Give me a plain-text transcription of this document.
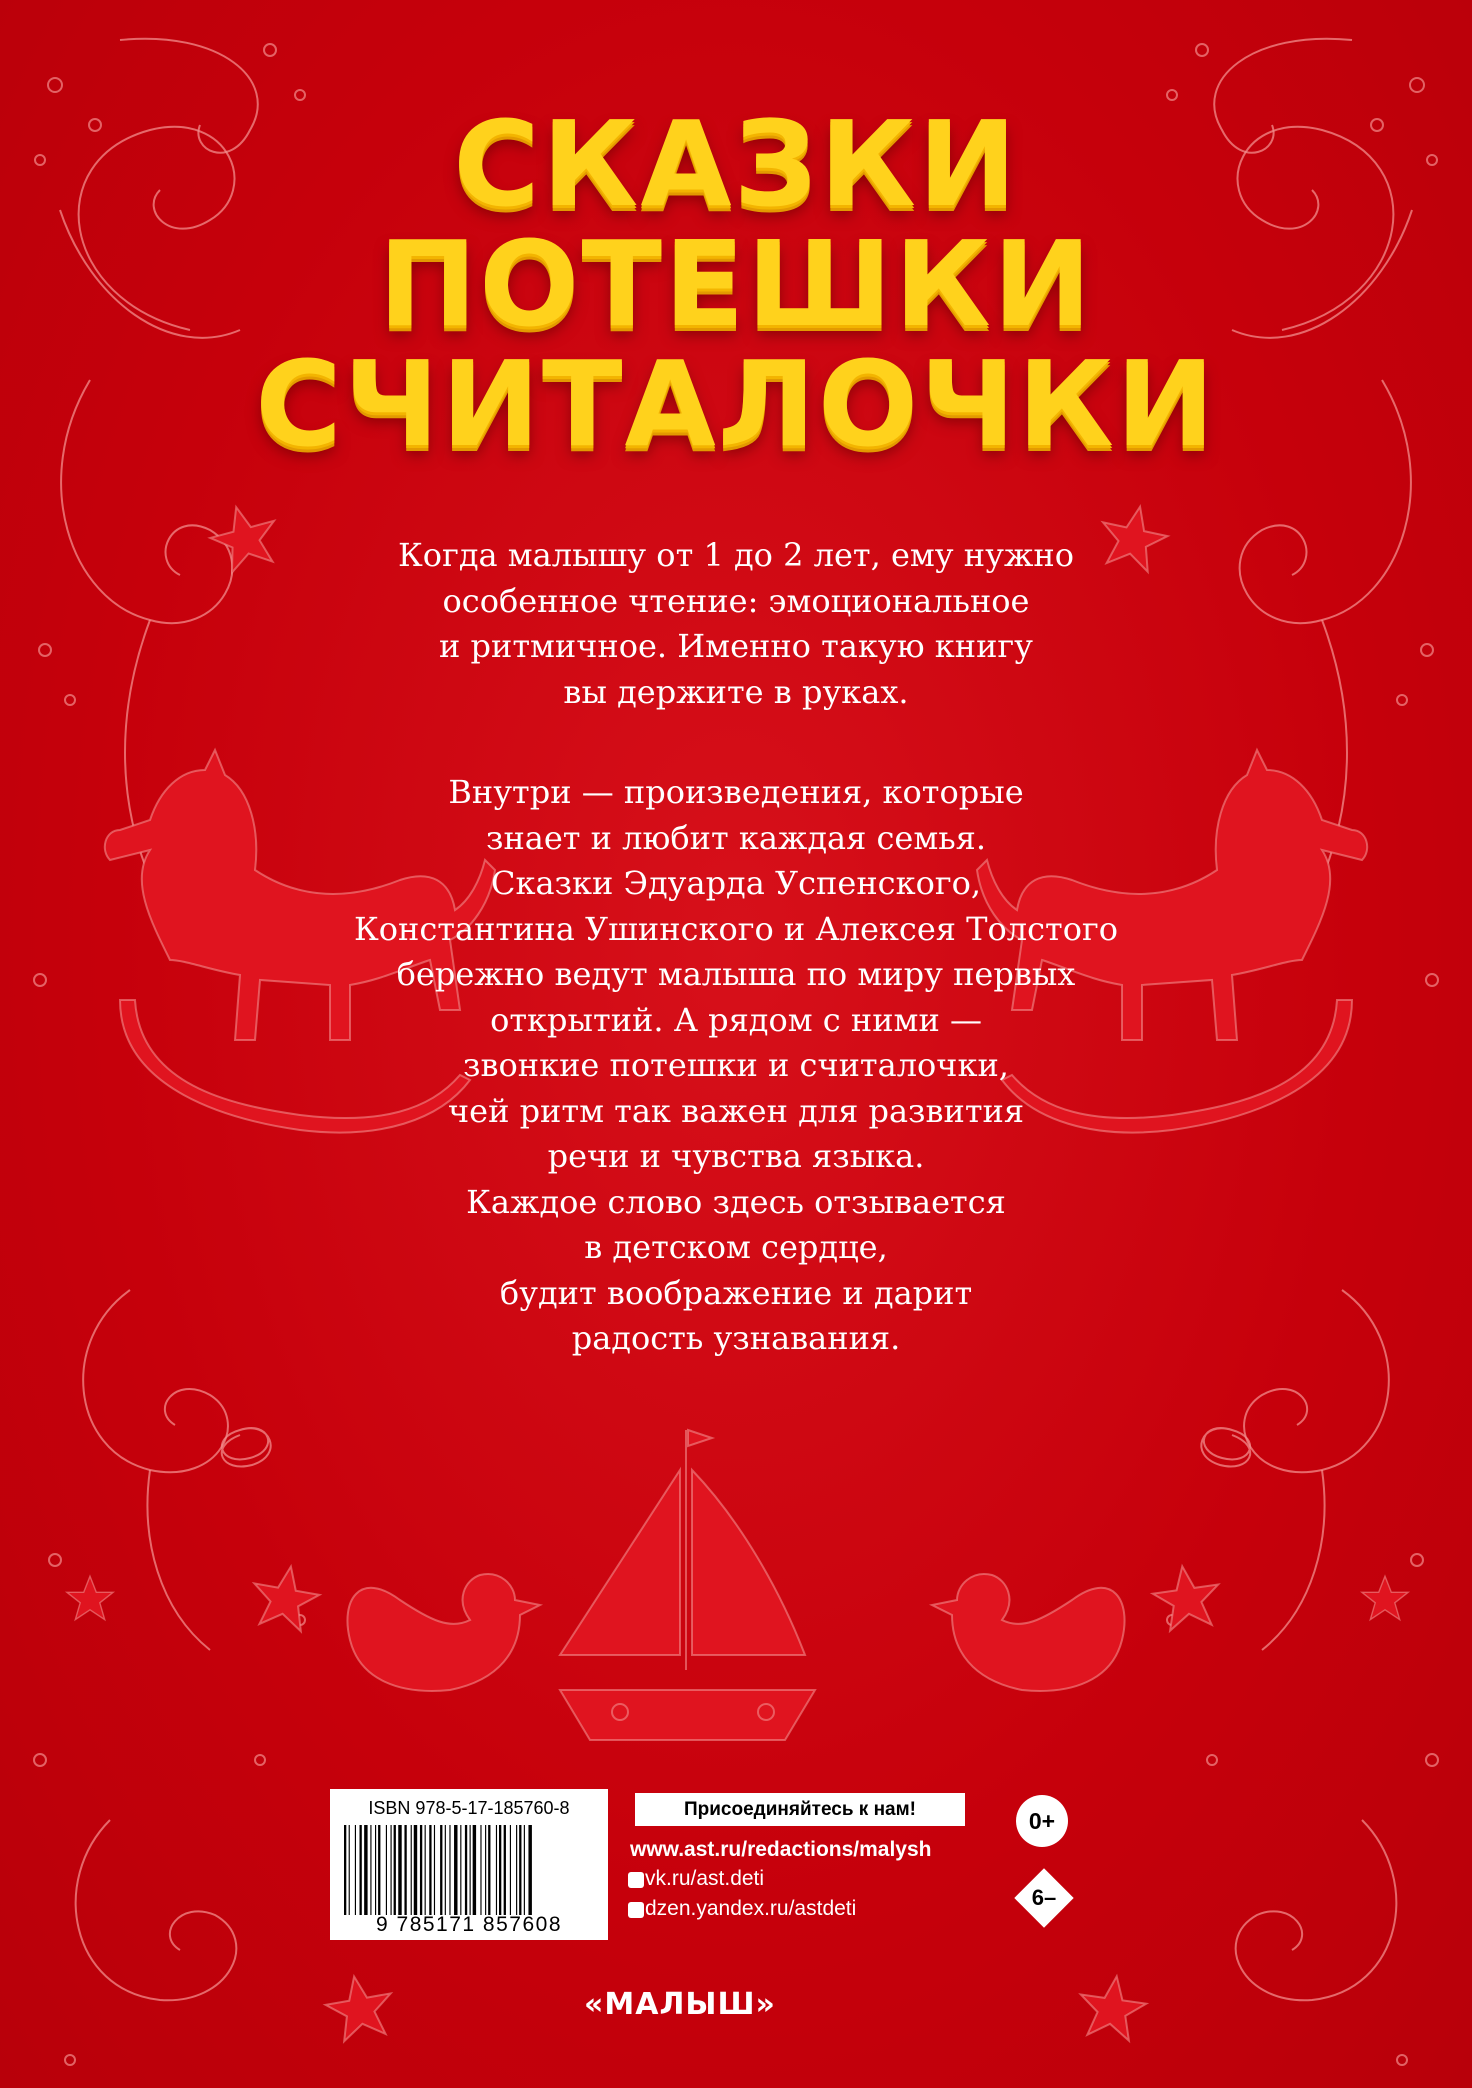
СКАЗКИ
ПОТЕШКИ
СЧИТАЛОЧКИ
Когда малышу от 1 до 2 лет, ему нужно
особенное чтение: эмоциональное
и ритмичное. Именно такую книгу
вы держите в руках.
Внутри — произведения, которые
знает и любит каждая семья.
Сказки Эдуарда Успенского,
Константина Ушинского и Алексея Толстого
бережно ведут малыша по миру первых
открытий. А рядом с ними —
звонкие потешки и считалочки,
чей ритм так важен для развития
речи и чувства языка.
Каждое слово здесь отзывается
в детском сердце,
будит воображение и дарит
радость узнавания.
ISBN 978-5-17-185760-8
9 785171 857608
Присоединяйтесь к нам!
www.ast.ru/redactions/malysh
vk.ru/ast.deti
dzen.yandex.ru/astdeti
0+
6–
«МАЛЫШ»
